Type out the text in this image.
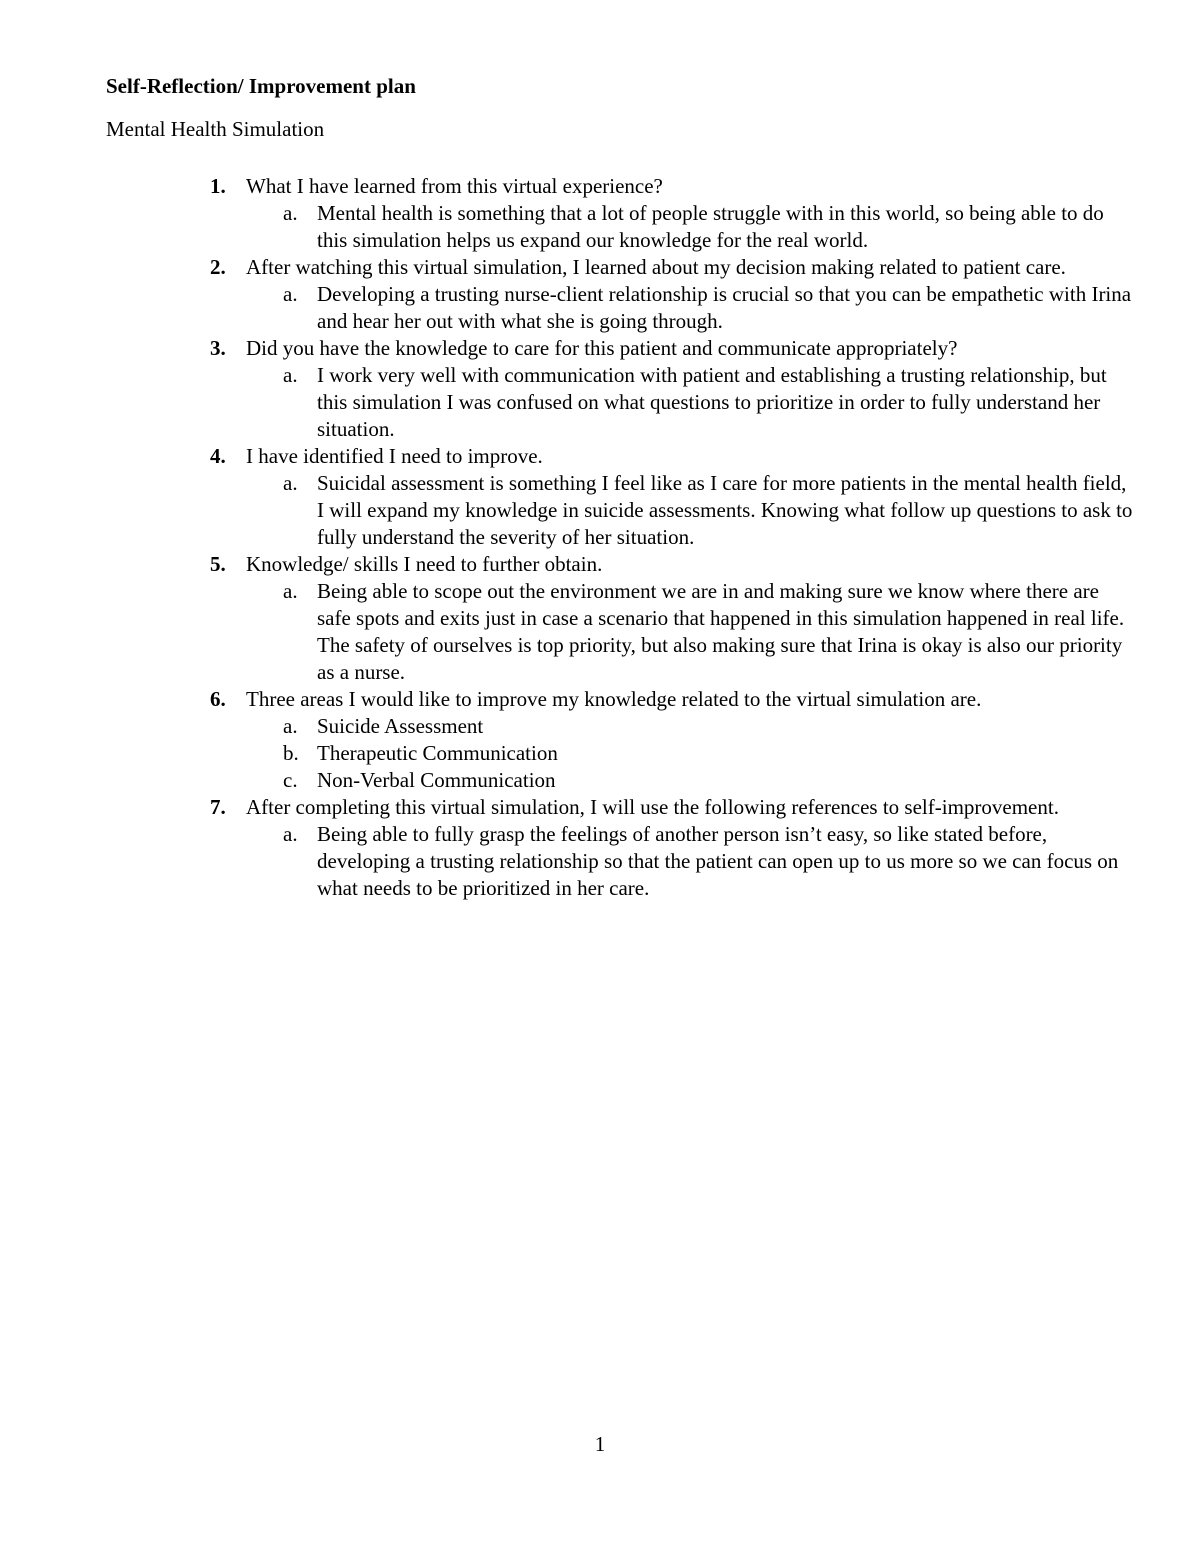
Self-Reflection/ Improvement plan
Mental Health Simulation
1. What I have learned from this virtual experience?
a. Mental health is something that a lot of people struggle with in this world, so being able to do this simulation helps us expand our knowledge for the real world.
2. After watching this virtual simulation, I learned about my decision making related to patient care.
a. Developing a trusting nurse-client relationship is crucial so that you can be empathetic with Irina and hear her out with what she is going through.
3. Did you have the knowledge to care for this patient and communicate appropriately?
a. I work very well with communication with patient and establishing a trusting relationship, but this simulation I was confused on what questions to prioritize in order to fully understand her situation.
4. I have identified I need to improve.
a. Suicidal assessment is something I feel like as I care for more patients in the mental health field, I will expand my knowledge in suicide assessments. Knowing what follow up questions to ask to fully understand the severity of her situation.
5. Knowledge/ skills I need to further obtain.
a. Being able to scope out the environment we are in and making sure we know where there are safe spots and exits just in case a scenario that happened in this simulation happened in real life. The safety of ourselves is top priority, but also making sure that Irina is okay is also our priority as a nurse.
6. Three areas I would like to improve my knowledge related to the virtual simulation are.
a. Suicide Assessment
b. Therapeutic Communication
c. Non-Verbal Communication
7. After completing this virtual simulation, I will use the following references to self-improvement.
a. Being able to fully grasp the feelings of another person isn’t easy, so like stated before, developing a trusting relationship so that the patient can open up to us more so we can focus on what needs to be prioritized in her care.
1
